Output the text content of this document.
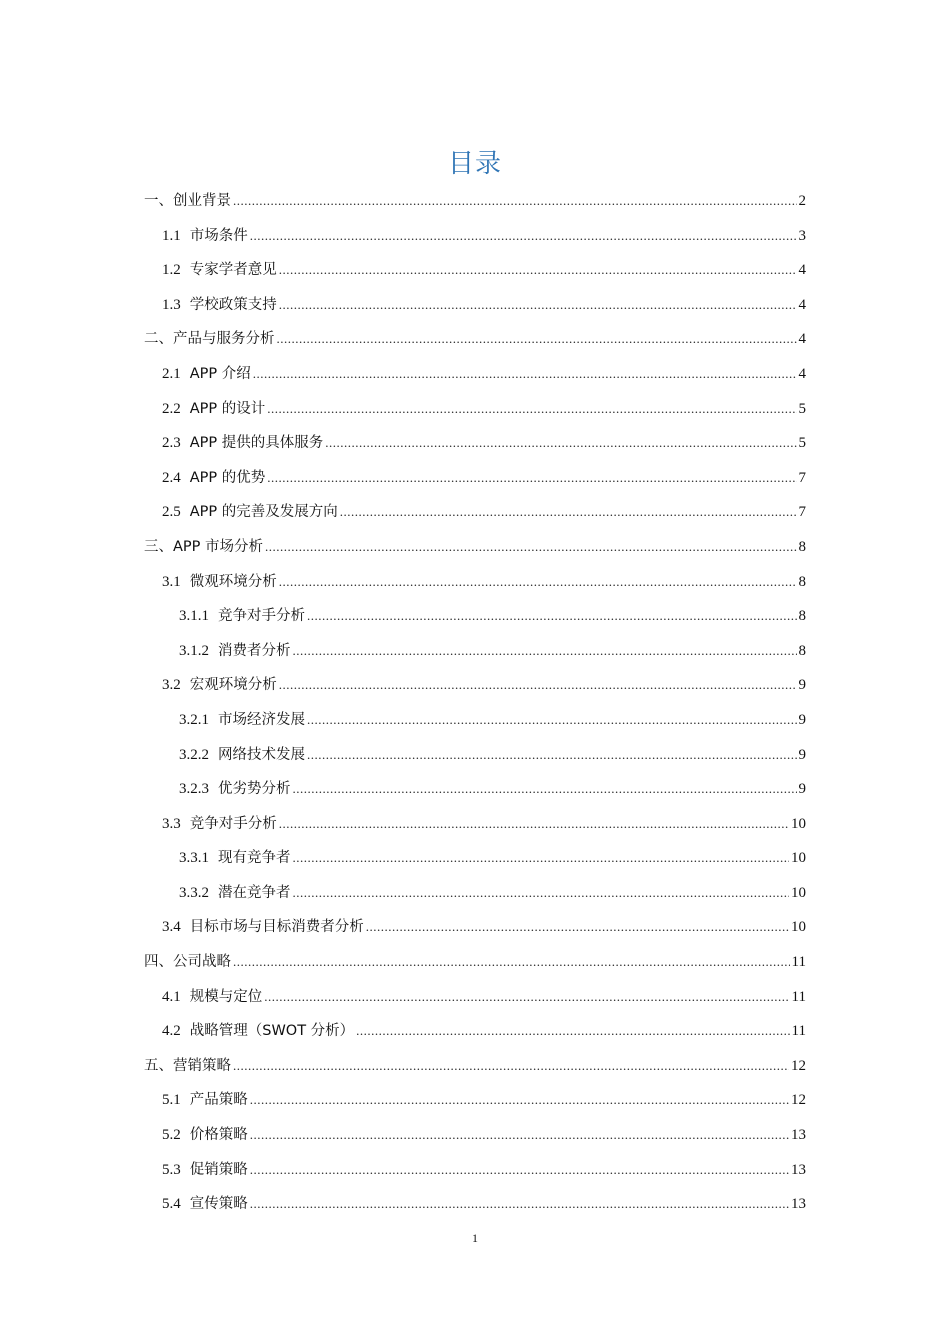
目录
一、创业背景 .....	2
1.1 市场条件 .....	3
1.2 专家学者意见 .....	4
1.3 学校政策支持 .....	4
二、产品与服务分析 .....	4
2.1 APP 介绍 .....	4
2.2 APP 的设计 .....	5
2.3 APP 提供的具体服务 .....	5
2.4 APP 的优势 .....	7
2.5 APP 的完善及发展方向 .....	7
三、APP 市场分析 .....	8
3.1 微观环境分析 .....	8
3.1.1 竞争对手分析 .....	8
3.1.2 消费者分析 .....	8
3.2 宏观环境分析 .....	9
3.2.1 市场经济发展 .....	9
3.2.2 网络技术发展 .....	9
3.2.3 优劣势分析 .....	9
3.3 竞争对手分析 .....	10
3.3.1 现有竞争者 .....	10
3.3.2 潜在竞争者 .....	10
3.4 目标市场与目标消费者分析 .....	10
四、公司战略 .....	11
4.1 规模与定位 .....	11
4.2 战略管理（SWOT 分析） .....	11
五、营销策略 .....	12
5.1 产品策略 .....	12
5.2 价格策略 .....	13
5.3 促销策略 .....	13
5.4 宣传策略 .....	13
1
